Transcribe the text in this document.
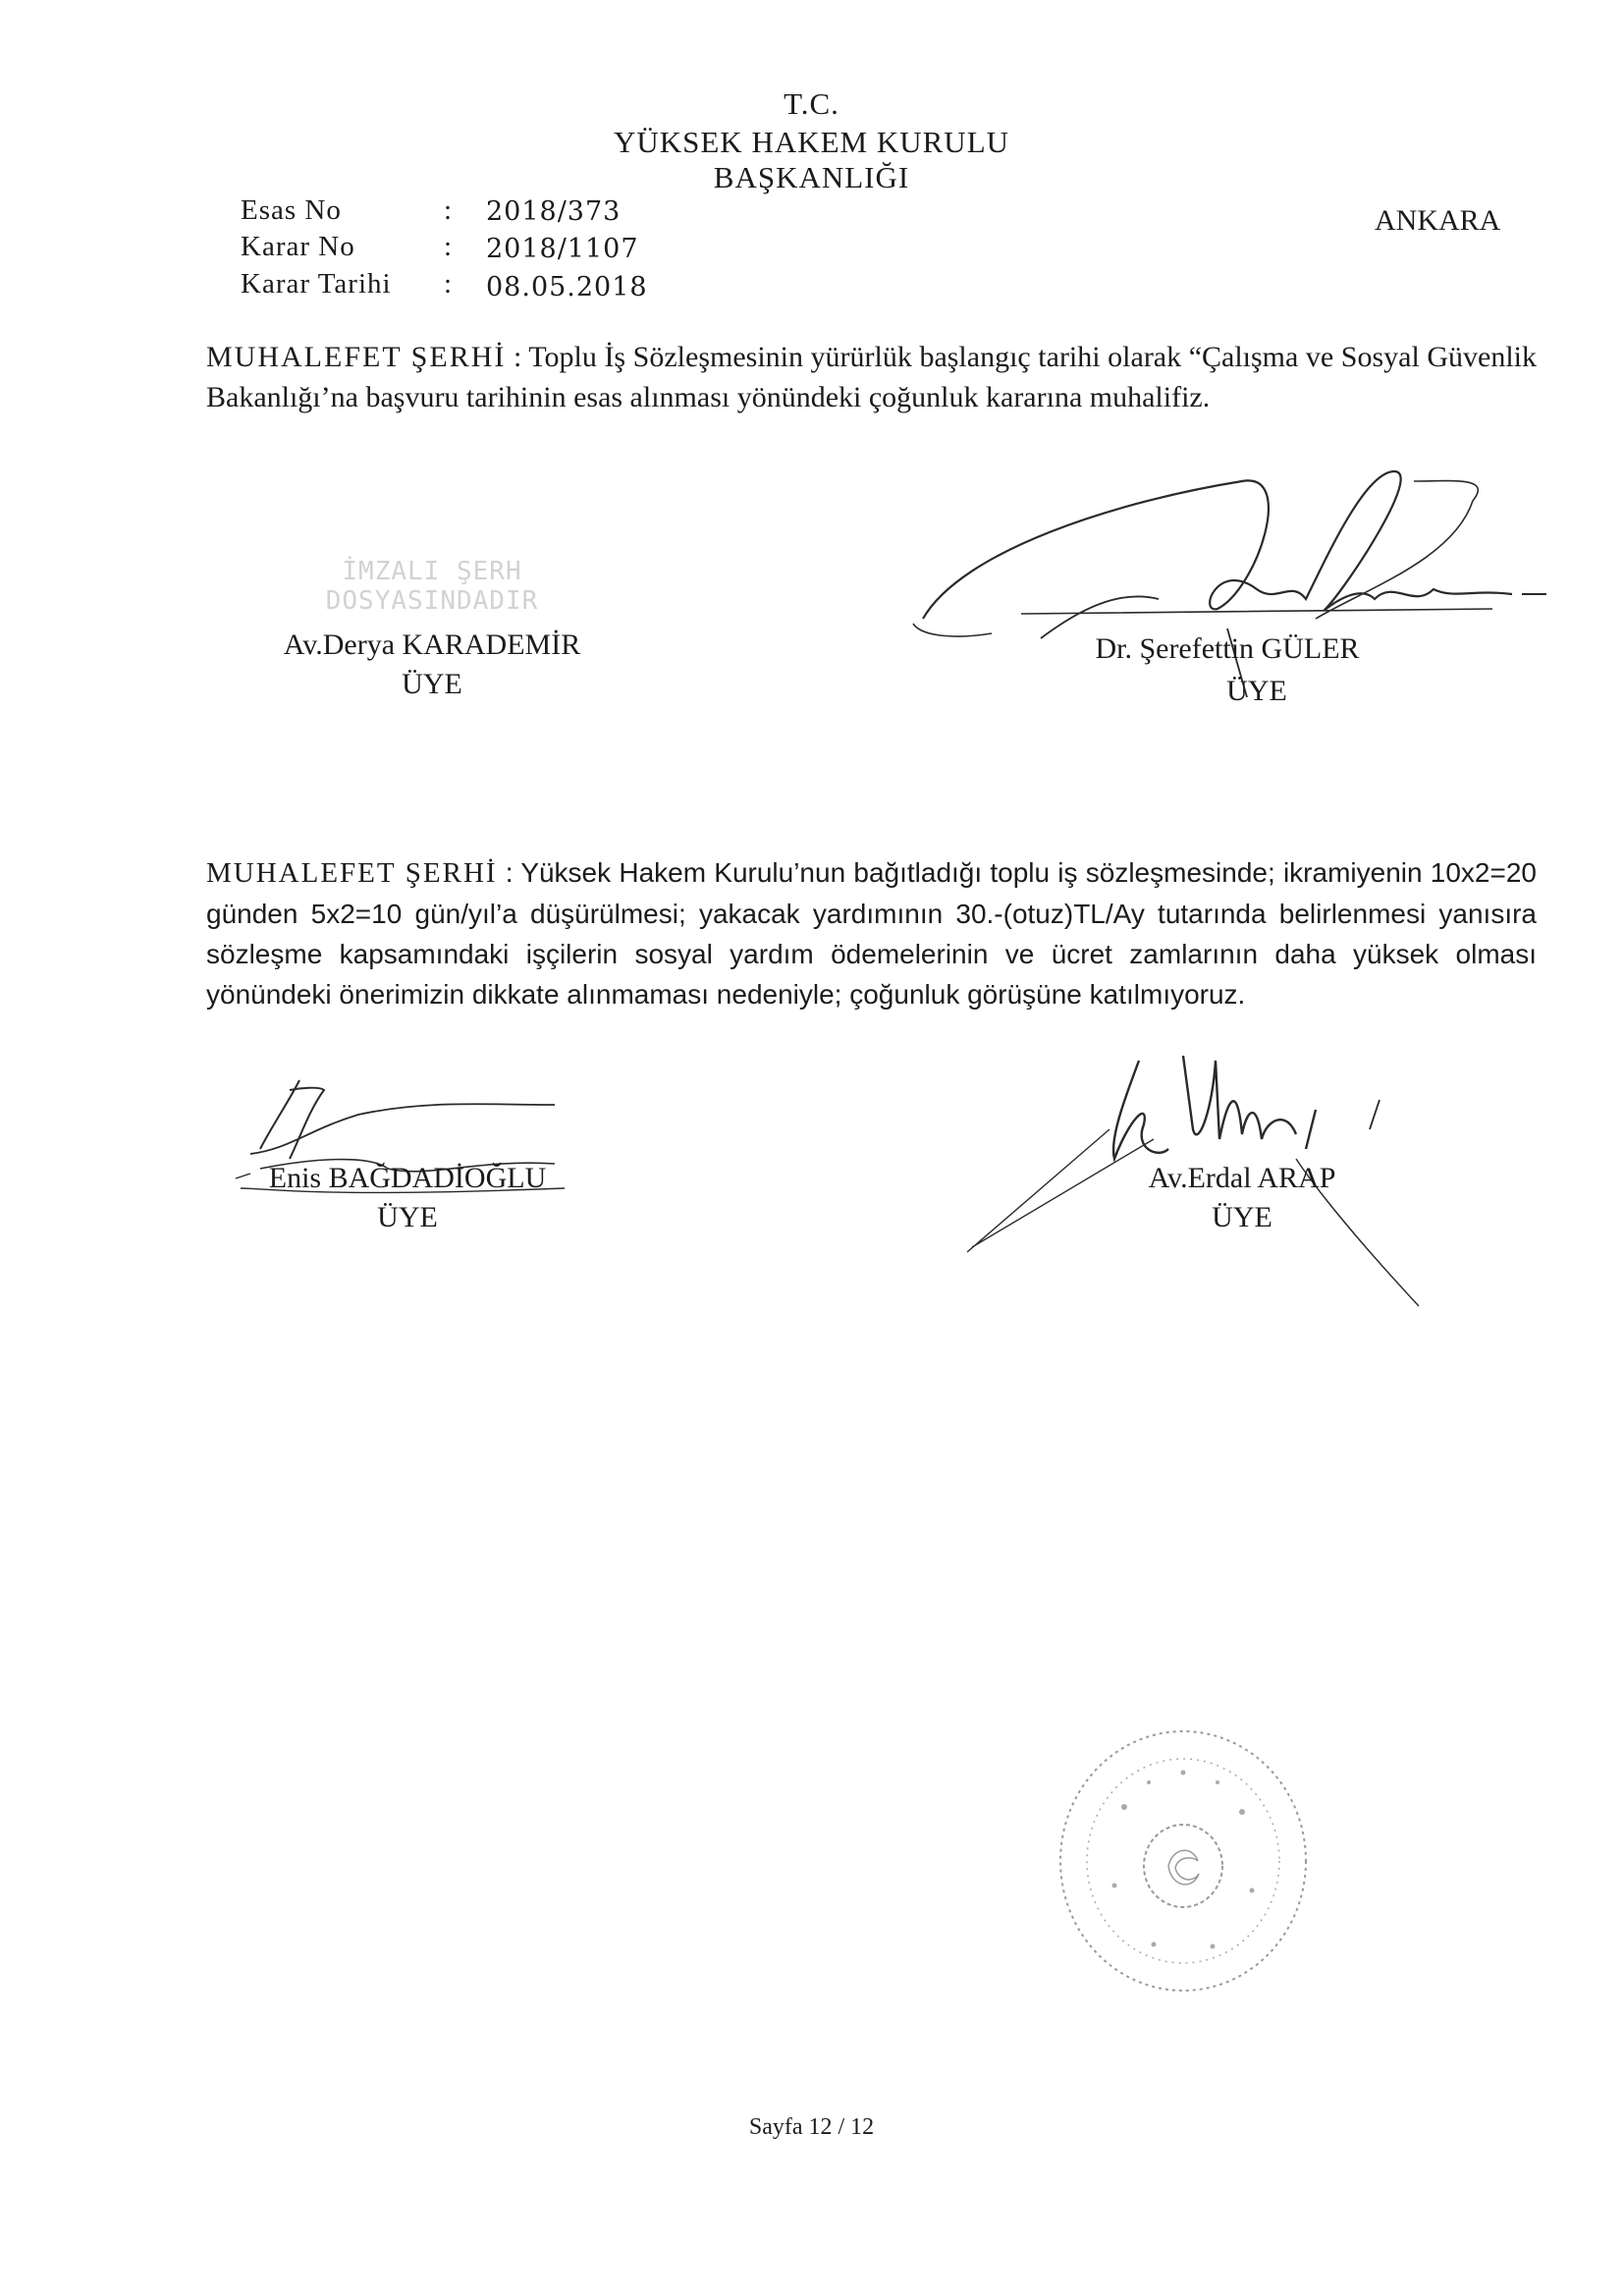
T.C.
YÜKSEK HAKEM KURULU
BAŞKANLIĞI
ANKARA
Esas No	: 2018/373
Karar No	: 2018/1107
Karar Tarihi : 08.05.2018
MUHALEFET ŞERHİ : Toplu İş Sözleşmesinin yürürlük başlangıç tarihi olarak “Çalışma ve Sosyal Güvenlik Bakanlığı’na başvuru tarihinin esas alınması yönündeki çoğunluk kararına muhalifiz.
İMZALI ŞERH DOSYASINDADIR
Av.Derya KARADEMİR
ÜYE
Dr. Şerefettin GÜLER
ÜYE
MUHALEFET ŞERHİ : Yüksek Hakem Kurulu’nun bağıtladığı toplu iş sözleşmesinde; ikramiyenin 10x2=20 günden 5x2=10 gün/yıl’a düşürülmesi; yakacak yardımının 30.-(otuz)TL/Ay tutarında belirlenmesi yanısıra sözleşme kapsamındaki işçilerin sosyal yardım ödemelerinin ve ücret zamlarının daha yüksek olması yönündeki önerimizin dikkate alınmaması nedeniyle; çoğunluk görüşüne katılmıyoruz.
Enis BAĞDADİOĞLU
ÜYE
Av.Erdal ARAP
ÜYE
Sayfa 12 / 12
